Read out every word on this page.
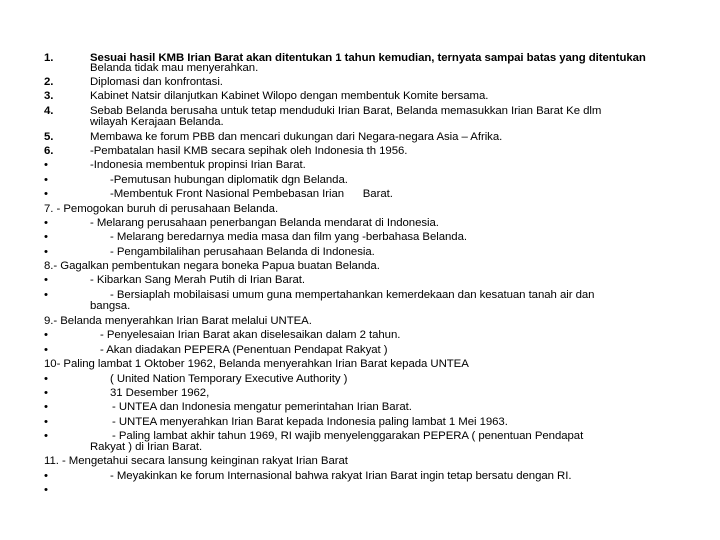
1.	Sesuai hasil KMB Irian Barat akan ditentukan 1 tahun kemudian, ternyata sampai batas yang ditentukan
Belanda tidak mau menyerahkan.
2.	Diplomasi dan konfrontasi.
3.	Kabinet Natsir dilanjutkan Kabinet Wilopo dengan membentuk Komite bersama.
4.	Sebab Belanda berusaha untuk tetap menduduki Irian Barat, Belanda memasukkan Irian Barat Ke dlm
wilayah Kerajaan Belanda.
5.	Membawa ke forum PBB dan mencari dukungan dari Negara-negara Asia – Afrika.
6.	-Pembatalan hasil KMB secara sepihak oleh Indonesia th 1956.
•	-Indonesia membentuk propinsi Irian Barat.
•	-Pemutusan hubungan diplomatik dgn Belanda.
•	-Membentuk Front Nasional Pembebasan Irian      Barat.
7. - Pemogokan buruh di perusahaan Belanda.
•	- Melarang perusahaan penerbangan Belanda mendarat di Indonesia.
•	- Melarang beredarnya media masa dan film yang -berbahasa Belanda.
•	- Pengambilalihan perusahaan Belanda di Indonesia.
8.- Gagalkan pembentukan negara boneka Papua buatan Belanda.
•	- Kibarkan Sang Merah Putih di Irian Barat.
•	- Bersiaplah mobilaisasi umum guna mempertahankan kemerdekaan dan kesatuan tanah air dan
bangsa.
9.- Belanda menyerahkan Irian Barat melalui UNTEA.
•	- Penyelesaian Irian Barat akan diselesaikan dalam 2 tahun.
•	- Akan diadakan PEPERA (Penentuan Pendapat Rakyat )
10- Paling lambat 1 Oktober 1962, Belanda menyerahkan Irian Barat kepada UNTEA
•	( United Nation Temporary Executive Authority )
•	31 Desember 1962,
•	- UNTEA dan Indonesia mengatur pemerintahan Irian Barat.
•	- UNTEA menyerahkan Irian Barat kepada Indonesia paling lambat 1 Mei 1963.
•	- Paling lambat akhir tahun 1969, RI wajib menyelenggarakan PEPERA ( penentuan Pendapat
Rakyat ) di Irian Barat.
11. - Mengetahui secara lansung keinginan rakyat Irian Barat
•	- Meyakinkan ke forum Internasional bahwa rakyat Irian Barat ingin tetap bersatu dengan RI.
•
